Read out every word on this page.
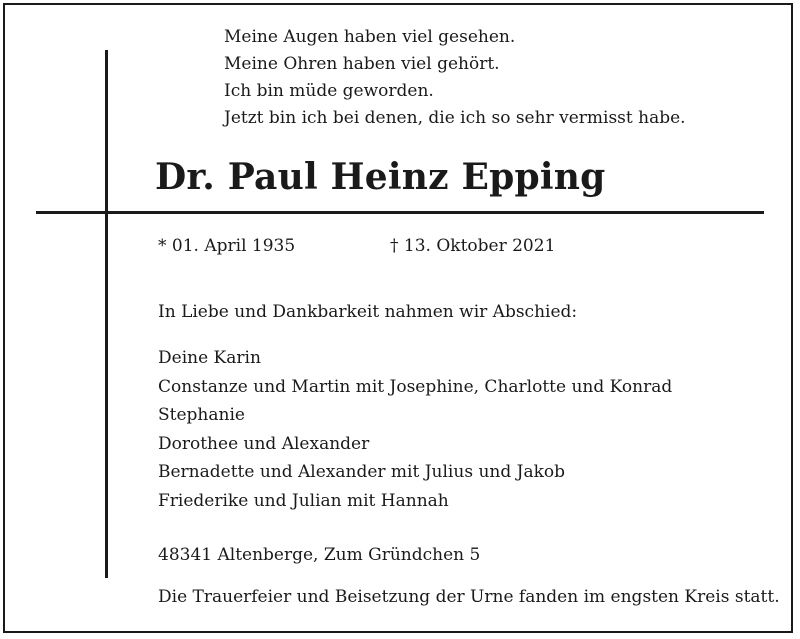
Meine Augen haben viel gesehen.
Meine Ohren haben viel gehört.
Ich bin müde geworden.
Jetzt bin ich bei denen, die ich so sehr vermisst habe.
Dr. Paul Heinz Epping
* 01. April 1935	† 13. Oktober 2021
In Liebe und Dankbarkeit nahmen wir Abschied:
Deine Karin
Constanze und Martin mit Josephine, Charlotte und Konrad
Stephanie
Dorothee und Alexander
Bernadette und Alexander mit Julius und Jakob
Friederike und Julian mit Hannah
48341 Altenberge, Zum Gründchen 5
Die Trauerfeier und Beisetzung der Urne fanden im engsten Kreis statt.
